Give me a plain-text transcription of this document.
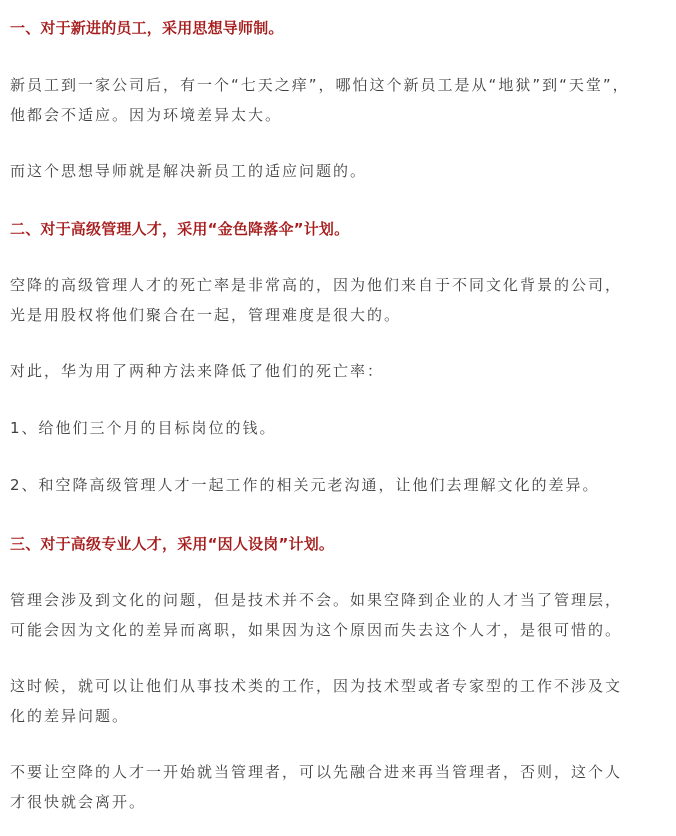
一、对于新进的员工，采用思想导师制。

新员工到一家公司后，有一个“七天之痒”，哪怕这个新员工是从“地狱”到“天堂”，
他都会不适应。因为环境差异太大。

而这个思想导师就是解决新员工的适应问题的。

二、对于高级管理人才，采用“金色降落伞”计划。

空降的高级管理人才的死亡率是非常高的，因为他们来自于不同文化背景的公司，
光是用股权将他们聚合在一起，管理难度是很大的。

对此，华为用了两种方法来降低了他们的死亡率：

1、给他们三个月的目标岗位的钱。

2、和空降高级管理人才一起工作的相关元老沟通，让他们去理解文化的差异。

三、对于高级专业人才，采用“因人设岗”计划。

管理会涉及到文化的问题，但是技术并不会。如果空降到企业的人才当了管理层，
可能会因为文化的差异而离职，如果因为这个原因而失去这个人才，是很可惜的。

这时候，就可以让他们从事技术类的工作，因为技术型或者专家型的工作不涉及文
化的差异问题。

不要让空降的人才一开始就当管理者，可以先融合进来再当管理者，否则，这个人
才很快就会离开。
